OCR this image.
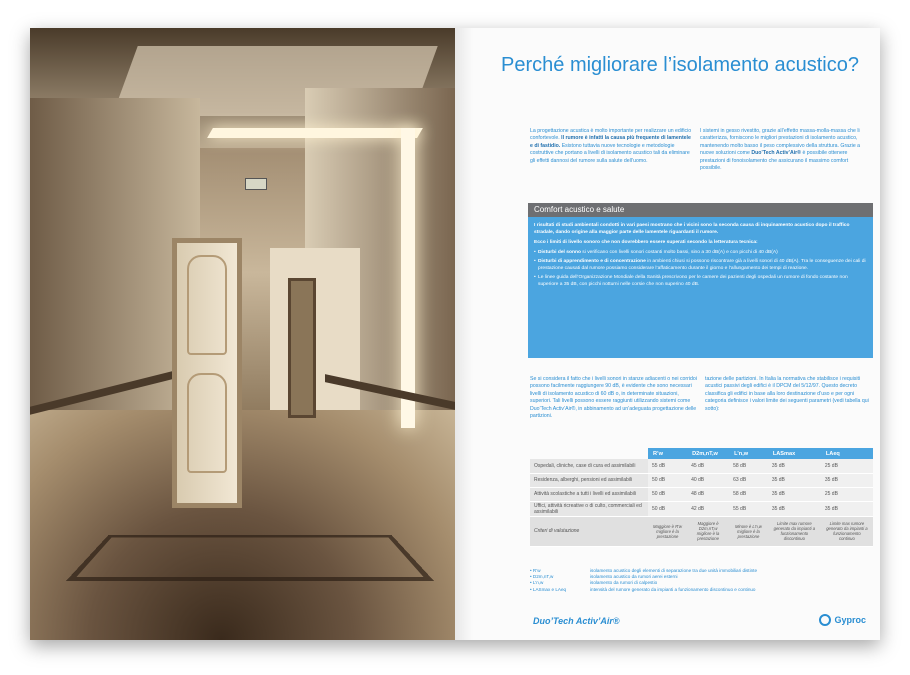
Perché migliorare l’isolamento acustico?
La progettazione acustica è molto importante per realizzare un edificio confortevole. Il rumore è infatti la causa più frequente di lamentele e di fastidio. Esistono tuttavia nuove tecnologie e metodologie costruttive che portano a livelli di isolamento acustico tali da eliminare gli effetti dannosi del rumore sulla salute dell’uomo.
I sistemi in gesso rivestito, grazie all’effetto massa-molla-massa che li caratterizza, forniscono le migliori prestazioni di isolamento acustico, mantenendo molto basso il peso complessivo della struttura. Grazie a nuove soluzioni come Duo’Tech Activ’Air® è possibile ottenere prestazioni di fonoisolamento che assicurano il massimo comfort possibile.
Comfort acustico e salute

I risultati di studi ambientali condotti in vari paesi mostrano che i vicini sono la seconda causa di inquinamento acustico dopo il traffico stradale, dando origine alla maggior parte delle lamentele riguardanti il rumore.

Ecco i limiti di livello sonoro che non dovrebbero essere superati secondo la letteratura tecnica:

• Disturbi del sonno si verificano con livelli sonori costanti molto bassi, sino a 30 dB(A) e con picchi di 40 dB(A)
• Disturbi di apprendimento e di concentrazione in ambienti chiusi si possono riscontrare già a livelli sonori di 40 dB(A). Tra le conseguenze dei cali di prestazione causati dal rumore possiamo considerare l’affaticamento durante il giorno e l’allungamento dei tempi di reazione.
• Le linee guida dell’Organizzazione Mondiale della Sanità prescrivono per le camere dei pazienti degli ospedali un rumore di fondo costante non superiore a 35 dB, con picchi notturni nelle corsie che non superino 40 dB.
Se si considera il fatto che i livelli sonori in stanze adiacenti o nei corridoi possono facilmente raggiungere 90 dB, è evidente che sono necessari livelli di isolamento acustico di 60 dB o, in determinate situazioni, superiori. Tali livelli possono essere raggiunti utilizzando sistemi come Duo’Tech Activ’Air®, in abbinamento ad un’adeguata progettazione delle partizioni.
tazione delle partizioni. In Italia la normativa che stabilisce i requisiti acustici passivi degli edifici è il DPCM del 5/12/97. Questo decreto classifica gli edifici in base alla loro destinazione d’uso e per ogni categoria definisce i valori limite dei seguenti parametri (vedi tabella qui sotto):
	R’w	D2m,nT,w	L’n,w	LASmax	LAeq
Ospedali, cliniche, case di cura ed assimilabili	55 dB	45 dB	58 dB	35 dB	25 dB
Residenza, alberghi, pensioni ed assimilabili	50 dB	40 dB	63 dB	35 dB	35 dB
Attività scolastiche a tutti i livelli ed assimilabili	50 dB	48 dB	58 dB	35 dB	25 dB
Uffici, attività ricreative o di culto, commerciali ed assimilabili	50 dB	42 dB	55 dB	35 dB	35 dB
Criteri di valutazione	Maggiore è R’w migliore è la prestazione	Maggiore è D2m,nT,w migliore è la prestazione	Minore è L’n,w migliore è la prestazione	Limite max rumore generato da impianti a funzionamento discontinuo	Limite max rumore generato da impianti a funzionamento continuo
• R’w	isolamento acustico degli elementi di separazione tra due unità immobiliari distinte
• D2m,nT,w	isolamento acustico da rumori aerei esterni
• L’n,w	isolamento da rumori di calpestio
• LASmax e LAeq	intensità del rumore generato da impianti a funzionamento discontinuo e continuo
Duo’Tech Activ’Air®	Gyproc
